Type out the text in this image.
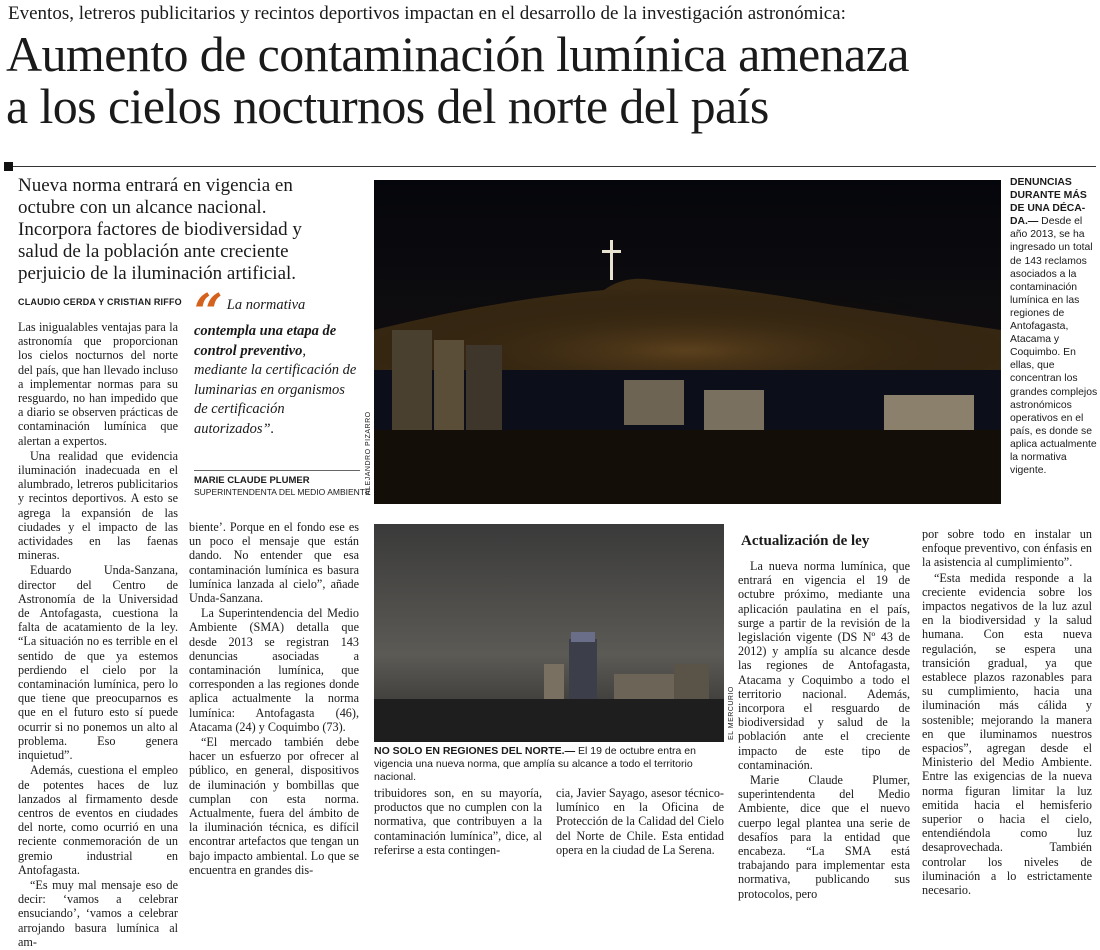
Eventos, letreros publicitarios y recintos deportivos impactan en el desarrollo de la investigación astronómica:
Aumento de contaminación lumínica amenaza
a los cielos nocturnos del norte del país
Nueva norma entrará en vigencia en octubre con un alcance nacional. Incorpora factores de biodiversidad y salud de la población ante creciente perjuicio de la iluminación artificial.
CLAUDIO CERDA Y CRISTIAN RIFFO

Las inigualables ventajas para la astronomía que proporcionan los cielos nocturnos del norte del país, que han llevado incluso a implementar normas para su resguardo, no han impedido que a diario se observen prácticas de contaminación lumínica que alertan a expertos.

Una realidad que evidencia iluminación inadecuada en el alumbrado, letreros publicitarios y recintos deportivos. A esto se agrega la expansión de las ciudades y el impacto de las actividades en las faenas mineras.

Eduardo Unda-Sanzana, director del Centro de Astronomía de la Universidad de Antofagasta, cuestiona la falta de acatamiento de la ley. “La situación no es terrible en el sentido de que ya estemos perdiendo el cielo por la contaminación lumínica, pero lo que tiene que preocuparnos es que en el futuro esto sí puede ocurrir si no ponemos un alto al problema. Eso genera inquietud”.

Además, cuestiona el empleo de potentes haces de luz lanzados al firmamento desde centros de eventos en ciudades del norte, como ocurrió en una reciente conmemoración de un gremio industrial en Antofagasta.

“Es muy mal mensaje eso de decir: ‘vamos a celebrar ensuciando’, ‘vamos a celebrar arrojando basura lumínica al am-

“ La normativa contempla una etapa de control preventivo, mediante la certificación de luminarias en organismos de certificación autorizados”.
MARIE CLAUDE PLUMER
SUPERINTENDENTA DEL MEDIO AMBIENTE

biente’. Porque en el fondo ese es un poco el mensaje que están dando. No entender que esa contaminación lumínica es basura lumínica lanzada al cielo”, añade Unda-Sanzana.

La Superintendencia del Medio Ambiente (SMA) detalla que desde 2013 se registran 143 denuncias asociadas a contaminación lumínica, que corresponden a las regiones donde aplica actualmente la norma lumínica: Antofagasta (46), Atacama (24) y Coquimbo (73).

“El mercado también debe hacer un esfuerzo por ofrecer al público, en general, dispositivos de iluminación y bombillas que cumplan con esta norma. Actualmente, fuera del ámbito de la iluminación técnica, es difícil encontrar artefactos que tengan un bajo impacto ambiental. Lo que se encuentra en grandes dis-

ALEJANDRO PIZARRO
DENUNCIAS DURANTE MÁS DE UNA DÉCA-DA.— Desde el año 2013, se ha ingresado un total de 143 reclamos asociados a la contaminación lumínica en las regiones de Antofagasta, Atacama y Coquimbo. En ellas, que concentran los grandes complejos astronómicos operativos en el país, es donde se aplica actualmente la normativa vigente.
EL MERCURIO
NO SOLO EN REGIONES DEL NORTE.— El 19 de octubre entra en vigencia una nueva norma, que amplía su alcance a todo el territorio nacional.

tribuidores son, en su mayoría, productos que no cumplen con la normativa, que contribuyen a la contaminación lumínica”, dice, al referirse a esta contingen-

cia, Javier Sayago, asesor técnico-lumínico en la Oficina de Protección de la Calidad del Cielo del Norte de Chile. Esta entidad opera en la ciudad de La Serena.

Actualización de ley

La nueva norma lumínica, que entrará en vigencia el 19 de octubre próximo, mediante una aplicación paulatina en el país, surge a partir de la revisión de la legislación vigente (DS Nº 43 de 2012) y amplía su alcance desde las regiones de Antofagasta, Atacama y Coquimbo a todo el territorio nacional. Además, incorpora el resguardo de biodiversidad y salud de la población ante el creciente impacto de este tipo de contaminación.

Marie Claude Plumer, superintendenta del Medio Ambiente, dice que el nuevo cuerpo legal plantea una serie de desafíos para la entidad que encabeza. “La SMA está trabajando para implementar esta normativa, publicando sus protocolos, pero

por sobre todo en instalar un enfoque preventivo, con énfasis en la asistencia al cumplimiento”.

“Esta medida responde a la creciente evidencia sobre los impactos negativos de la luz azul en la biodiversidad y la salud humana. Con esta nueva regulación, se espera una transición gradual, ya que establece plazos razonables para su cumplimiento, hacia una iluminación más cálida y sostenible; mejorando la manera en que iluminamos nuestros espacios”, agregan desde el Ministerio del Medio Ambiente. Entre las exigencias de la nueva norma figuran limitar la luz emitida hacia el hemisferio superior o hacia el cielo, entendiéndola como luz desaprovechada. También controlar los niveles de iluminación a lo estrictamente necesario.
